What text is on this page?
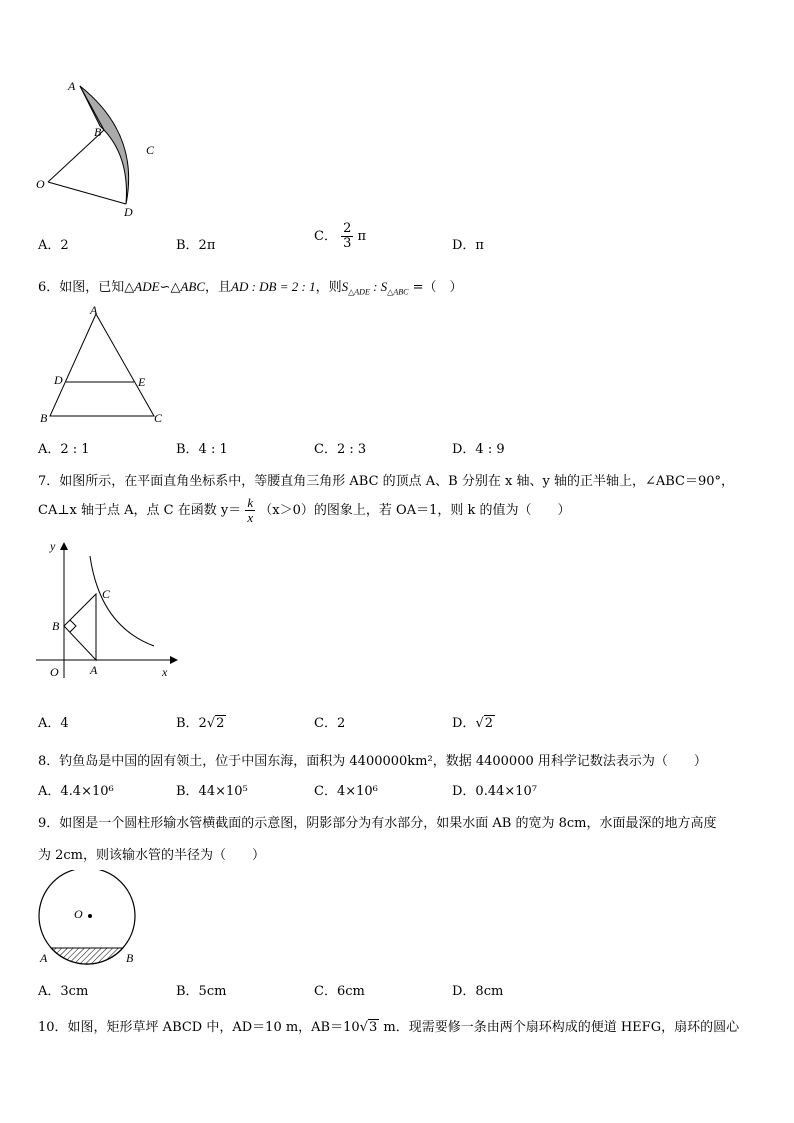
A
B
C
O
D
A．2	B．2π
C． $\frac{2}{3}$ π
D．π
6．如图，已知△ADE∽△ABC，且AD : DB = 2 : 1，则$S_{\triangle ADE}$ : $S_{\triangle ABC}$ =（　）
A
D	E
B	C
A．2 : 1	B．4 : 1	C．2 : 3	D．4 : 9
7．如图所示，在平面直角坐标系中，等腰直角三角形 ABC 的顶点 A、B 分别在 x 轴、y 轴的正半轴上，∠ABC＝90°，
CA⊥x 轴于点 A，点 C 在函数 $y= \frac{k}{x} (x>0)$的图象上，若 OA＝1，则 k 的值为（　　）
y
x
O	A
B
C
A．4	B．2√2	C．2	D．√2
8．钓鱼岛是中国的固有领土，位于中国东海，面积为 4400000km²，数据 4400000 用科学记数法表示为（　　）
A．4.4×10⁶	B．44×10⁵	C．4×10⁶	D．0.44×10⁷
9．如图是一个圆柱形输水管横截面的示意图，阴影部分为有水部分，如果水面 AB 的宽为 8cm，水面最深的地方高度
为 2cm，则该输水管的半径为（　　）
O
A	B
A．3cm	B．5cm	C．6cm	D．8cm
10．如图，矩形草坪 ABCD 中，AD＝10 m，AB＝10√3 m．现需要修一条由两个扇环构成的便道 HEFG，扇环的圆心
